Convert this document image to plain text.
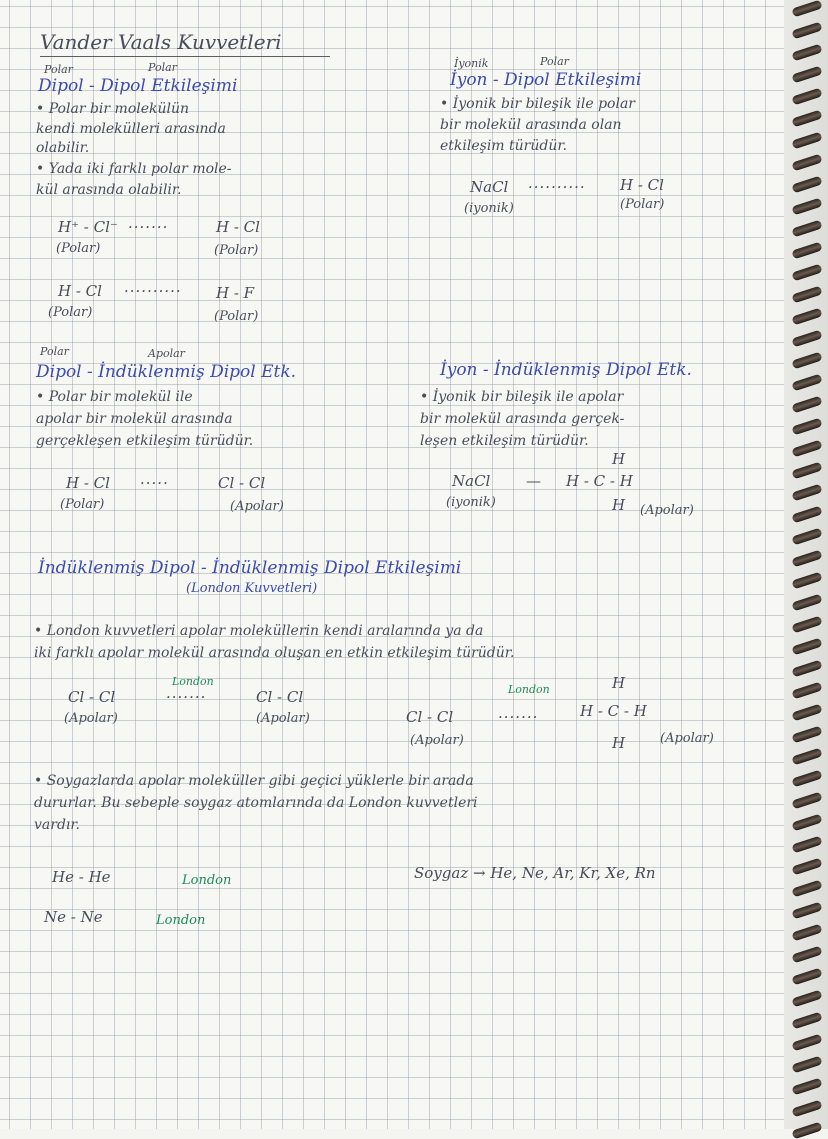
Vander Vaals Kuvvetleri
Polar	Polar
Dipol - Dipol Etkileşimi
• Polar bir molekülün
kendi molekülleri arasında
olabilir.
• Yada iki farklı polar mole-
kül arasında olabilir.
H⁺ - Cl⁻ ·······	H - Cl
(Polar)	(Polar)
H - Cl ·········· H - F
(Polar)	(Polar)
İyonik	Polar
İyon - Dipol Etkileşimi
• İyonik bir bileşik ile polar
bir molekül arasında olan
etkileşim türüdür.
NaCl ·········· H - Cl
(iyonik)	(Polar)
Polar	Apolar
Dipol - İndüklenmiş Dipol Etk.
• Polar bir molekül ile
apolar bir molekül arasında
gerçekleşen etkileşim türüdür.
H - Cl ·····	Cl - Cl
(Polar)	(Apolar)
İyon - İndüklenmiş Dipol Etk.
• İyonik bir bileşik ile apolar
bir molekül arasında gerçek-
leşen etkileşim türüdür.
H
NaCl — H - C - H
H
(iyonik)
(Apolar)
İndüklenmiş Dipol - İndüklenmiş Dipol Etkileşimi
(London Kuvvetleri)
• London kuvvetleri apolar moleküllerin kendi aralarında ya da
iki farklı apolar molekül arasında oluşan en etkin etkileşim türüdür.
London
Cl - Cl	·······	Cl - Cl
(Apolar)	(Apolar)
London	H
Cl - Cl	·······	H - C - H
H
(Apolar)	(Apolar)
• Soygazlarda apolar moleküller gibi geçici yüklerle bir arada
dururlar. Bu sebeple soygaz atomlarında da London kuvvetleri
vardır.
He - He	London
Ne - Ne	London
Soygaz → He, Ne, Ar, Kr, Xe, Rn
